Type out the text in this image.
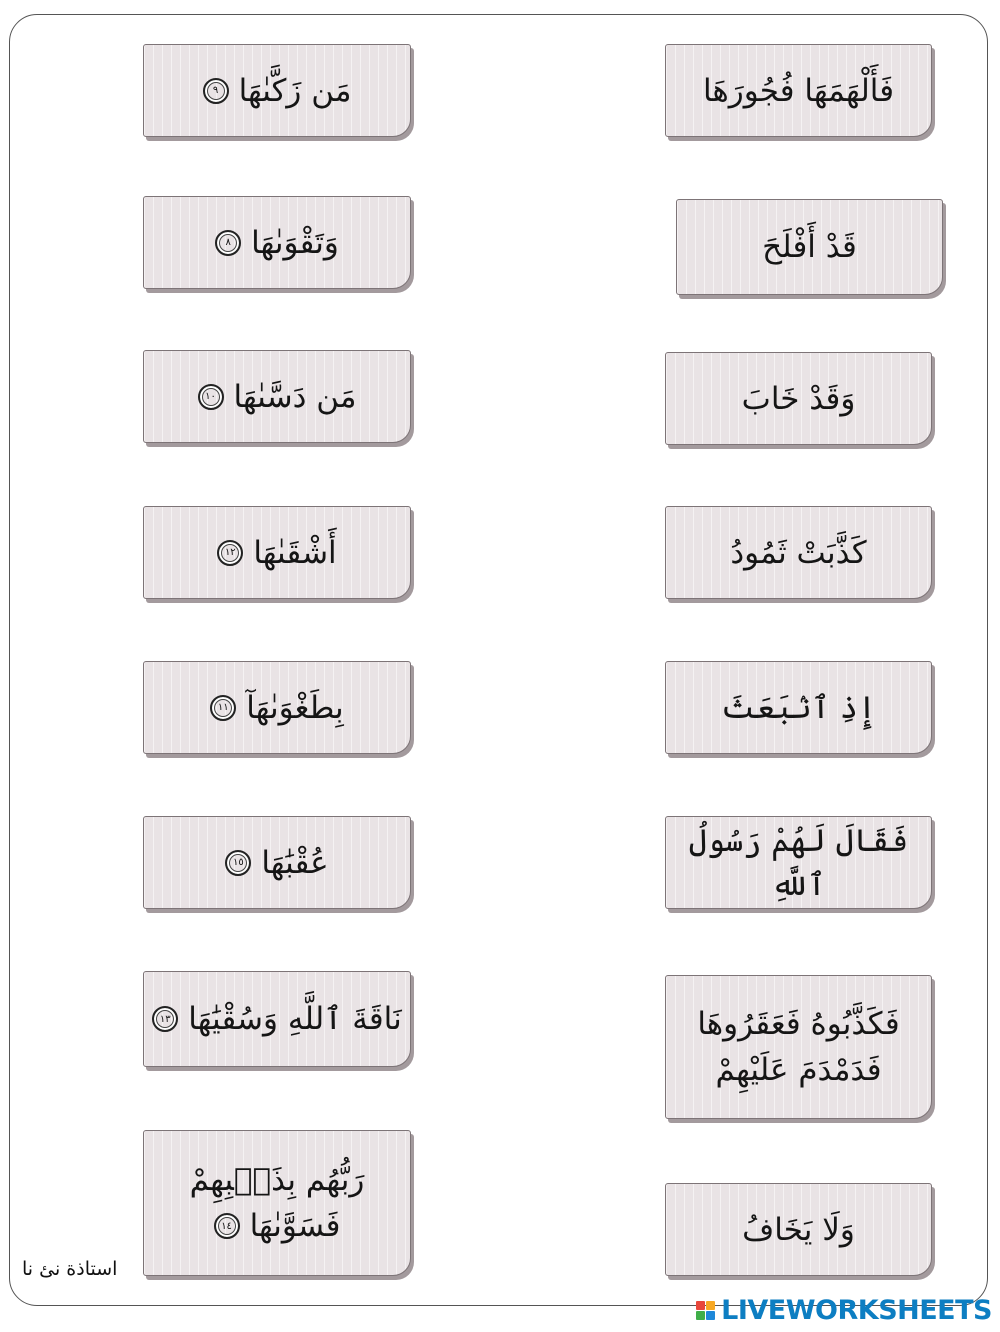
مَن زَكَّىٰهَا
٩
وَتَقْوَىٰهَا
٨
مَن دَسَّىٰهَا
١٠
أَشْقَىٰهَا
١٢
بِطَغْوَىٰهَآ
١١
عُقْبَٰهَا
١٥
نَاقَةَ ٱللَّهِ وَسُقْيَٰهَا
١٣
رَبُّهُم بِذَنۢبِهِمْ
فَسَوَّىٰهَا
١٤
فَأَلْهَمَهَا فُجُورَهَا
قَدْ أَفْلَحَ
وَقَدْ خَابَ
كَذَّبَتْ ثَمُودُ
إِذِ ٱنۢبَعَثَ
فَقَالَ لَهُمْ رَسُولُ ٱللَّهِ
فَكَذَّبُوهُ فَعَقَرُوهَا
فَدَمْدَمَ عَلَيْهِمْ
وَلَا يَخَافُ
استاذة نئ نا
LIVEWORKSHEETS
